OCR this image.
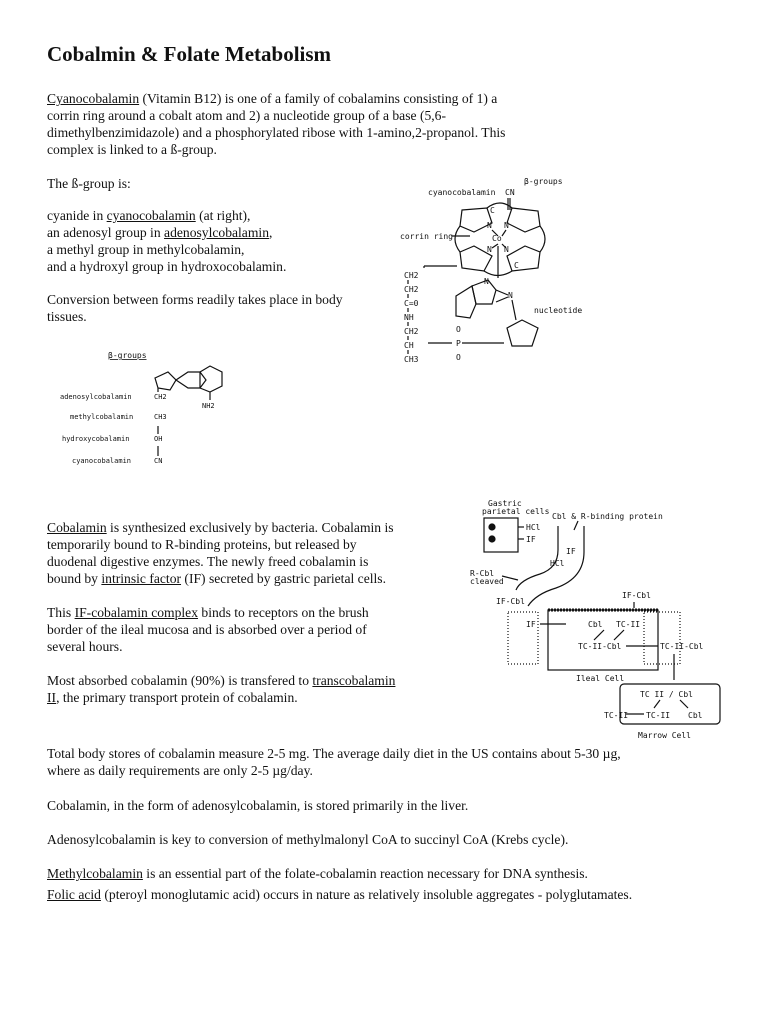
Cobalmin & Folate Metabolism
Cyanocobalamin (Vitamin B12) is one of a family of cobalamins consisting of 1) a
corrin ring around a cobalt atom and 2) a nucleotide group of a base (5,6-
dimethylbenzimidazole) and a phosphorylated ribose with 1-amino,2-propanol. This
complex is linked to a ß-group.
The ß-group is:
cyanide in cyanocobalamin (at right),
an adenosyl group in adenosylcobalamin,
a methyl group in methylcobalamin,
and a hydroxyl group in hydroxocobalamin.
Conversion between forms readily takes place in body
tissues.
cyanocobalamin CN
β-groups
corrin ring
N N
N N
Co
C
C
CH2
CH2
C=0
NH
CH2
CH
CH3
N
N
nucleotide
O
P
O
β-groups
adenosylcobalamin	CH2
methylcobalamin	CH3
hydroxycobalamin	OH
cyanocobalamin	CN
NH2
Cobalamin is synthesized exclusively by bacteria. Cobalamin is
temporarily bound to R-binding proteins, but released by
duodenal digestive enzymes. The newly freed cobalamin is
bound by intrinsic factor (IF) secreted by gastric parietal cells.
This IF-cobalamin complex binds to receptors on the brush
border of the ileal mucosa and is absorbed over a period of
several hours.
Most absorbed cobalamin (90%) is transfered to transcobalamin
II, the primary transport protein of cobalamin.
Gastric
parietal cells
Cbl & R-binding protein
HCl
IF
IF
HCl
R-Cbl
cleaved
IF-Cbl
IF-Cbl
Cbl TC-II
TC-II-Cbl
Ileal Cell
IF
TC-II-Cbl
TC II / Cbl
TC-II Cbl
TC-II
Marrow Cell
Total body stores of cobalamin measure 2-5 mg. The average daily diet in the US contains about 5-30 µg,
where as daily requirements are only 2-5 µg/day.
Cobalamin, in the form of adenosylcobalamin, is stored primarily in the liver.
Adenosylcobalamin is key to conversion of methylmalonyl CoA to succinyl CoA (Krebs cycle).
Methylcobalamin is an essential part of the folate-cobalamin reaction necessary for DNA synthesis.
Folic acid (pteroyl monoglutamic acid) occurs in nature as relatively insoluble aggregates - polyglutamates.
